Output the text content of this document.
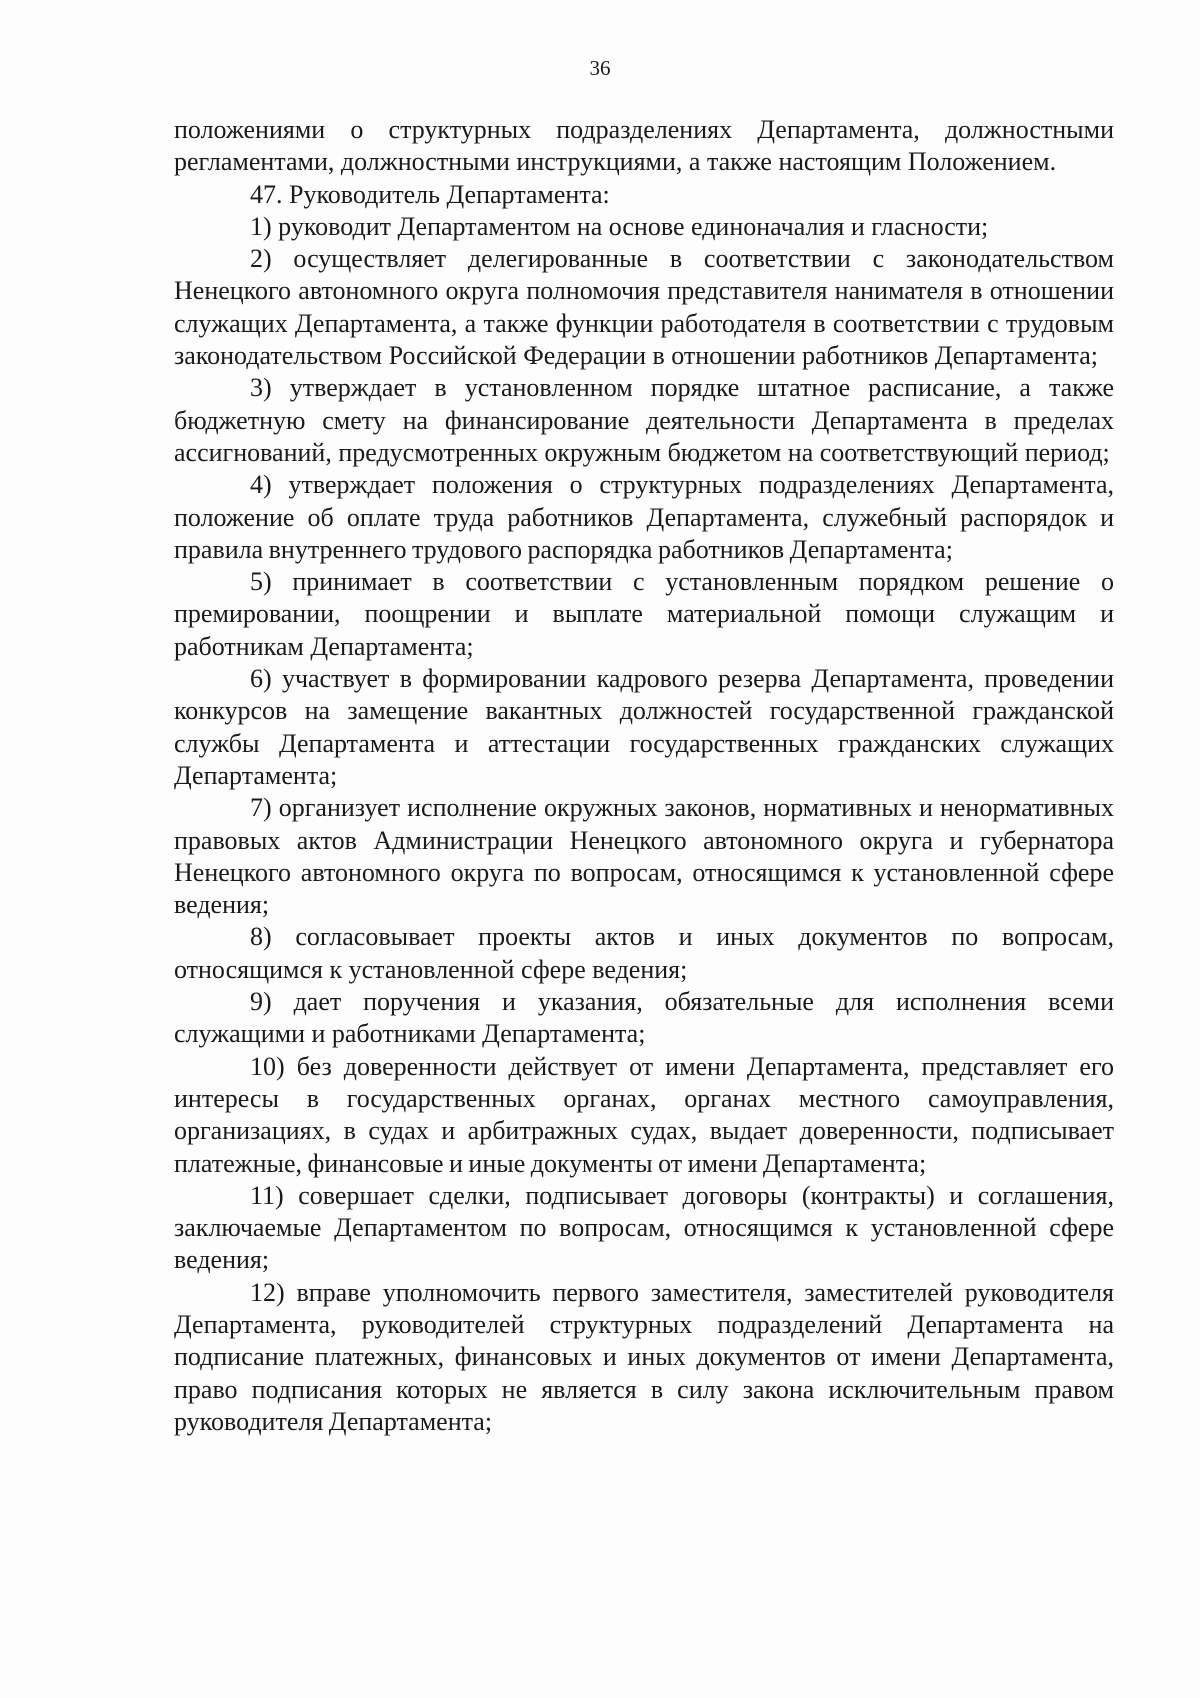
36

положениями о структурных подразделениях Департамента, должностными регламентами, должностными инструкциями, а также настоящим Положением.

47. Руководитель Департамента:

1) руководит Департаментом на основе единоначалия и гласности;

2) осуществляет делегированные в соответствии с законодательством Ненецкого автономного округа полномочия представителя нанимателя в отношении служащих Департамента, а также функции работодателя в соответствии с трудовым законодательством Российской Федерации в отношении работников Департамента;

3) утверждает в установленном порядке штатное расписание, а также бюджетную смету на финансирование деятельности Департамента в пределах ассигнований, предусмотренных окружным бюджетом на соответствующий период;

4) утверждает положения о структурных подразделениях Департамента, положение об оплате труда работников Департамента, служебный распорядок и правила внутреннего трудового распорядка работников Департамента;

5) принимает в соответствии с установленным порядком решение о премировании, поощрении и выплате материальной помощи служащим и работникам Департамента;

6) участвует в формировании кадрового резерва Департамента, проведении конкурсов на замещение вакантных должностей государственной гражданской службы Департамента и аттестации государственных гражданских служащих Департамента;

7) организует исполнение окружных законов, нормативных и ненормативных правовых актов Администрации Ненецкого автономного округа и губернатора Ненецкого автономного округа по вопросам, относящимся к установленной сфере ведения;

8) согласовывает проекты актов и иных документов по вопросам, относящимся к установленной сфере ведения;

9) дает поручения и указания, обязательные для исполнения всеми служащими и работниками Департамента;

10) без доверенности действует от имени Департамента, представляет его интересы в государственных органах, органах местного самоуправления, организациях, в судах и арбитражных судах, выдает доверенности, подписывает платежные, финансовые и иные документы от имени Департамента;

11) совершает сделки, подписывает договоры (контракты) и соглашения, заключаемые Департаментом по вопросам, относящимся к установленной сфере ведения;

12) вправе уполномочить первого заместителя, заместителей руководителя Департамента, руководителей структурных подразделений Департамента на подписание платежных, финансовых и иных документов от имени Департамента, право подписания которых не является в силу закона исключительным правом руководителя Департамента;
